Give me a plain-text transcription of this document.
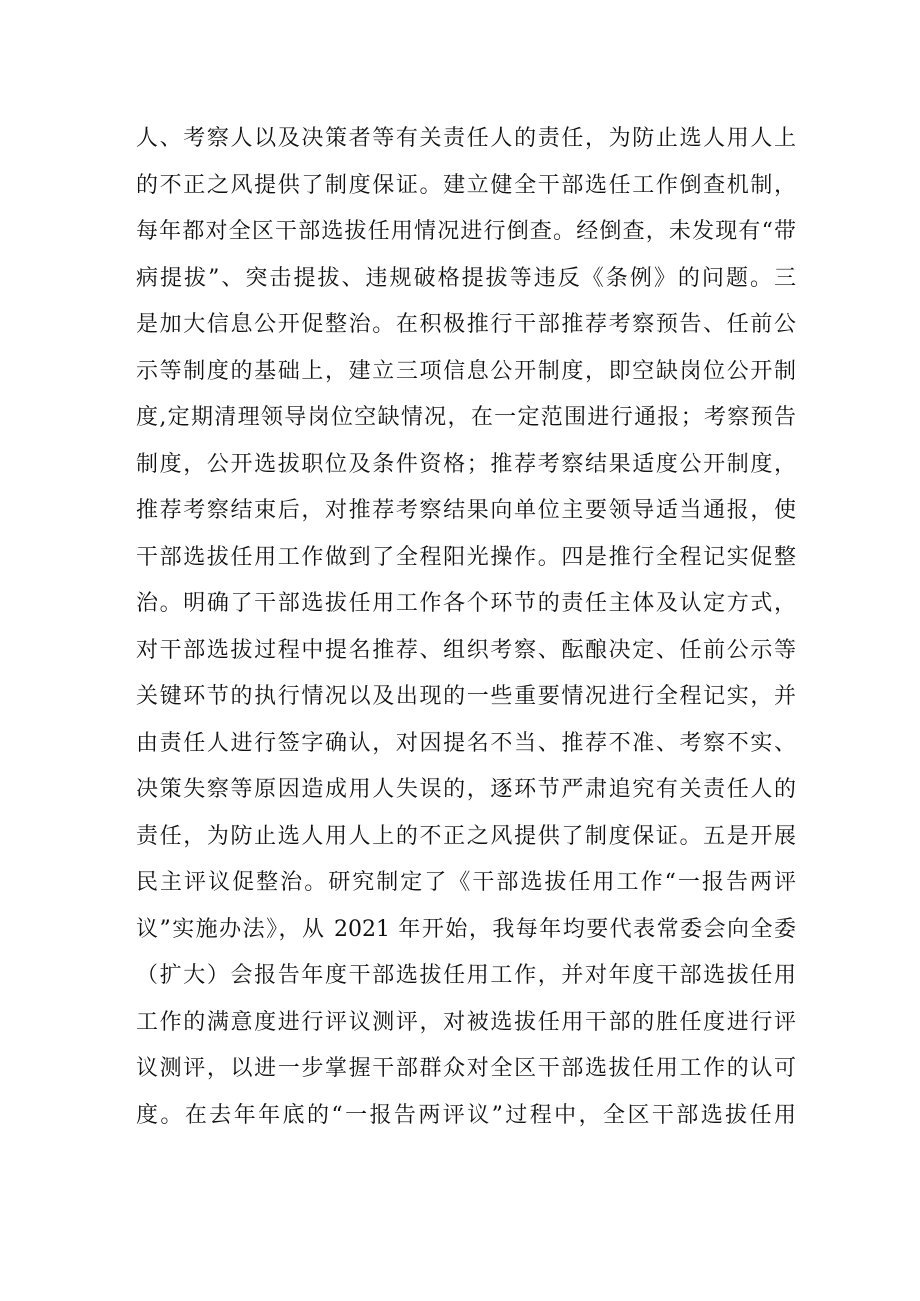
人、考察人以及决策者等有关责任人的责任，为防止选人用人上
的不正之风提供了制度保证。建立健全干部选任工作倒查机制，
每年都对全区干部选拔任用情况进行倒查。经倒查，未发现有“带
病提拔”、突击提拔、违规破格提拔等违反《条例》的问题。三
是加大信息公开促整治。在积极推行干部推荐考察预告、任前公
示等制度的基础上，建立三项信息公开制度，即空缺岗位公开制
度,定期清理领导岗位空缺情况，在一定范围进行通报；考察预告
制度，公开选拔职位及条件资格；推荐考察结果适度公开制度，
推荐考察结束后，对推荐考察结果向单位主要领导适当通报，使
干部选拔任用工作做到了全程阳光操作。四是推行全程记实促整
治。明确了干部选拔任用工作各个环节的责任主体及认定方式，
对干部选拔过程中提名推荐、组织考察、酝酿决定、任前公示等
关键环节的执行情况以及出现的一些重要情况进行全程记实，并
由责任人进行签字确认，对因提名不当、推荐不准、考察不实、
决策失察等原因造成用人失误的，逐环节严肃追究有关责任人的
责任，为防止选人用人上的不正之风提供了制度保证。五是开展
民主评议促整治。研究制定了《干部选拔任用工作“一报告两评
议”实施办法》，从 2021 年开始，我每年均要代表常委会向全委
（扩大）会报告年度干部选拔任用工作，并对年度干部选拔任用
工作的满意度进行评议测评，对被选拔任用干部的胜任度进行评
议测评，以进一步掌握干部群众对全区干部选拔任用工作的认可
度。在去年年底的“一报告两评议”过程中，全区干部选拔任用
